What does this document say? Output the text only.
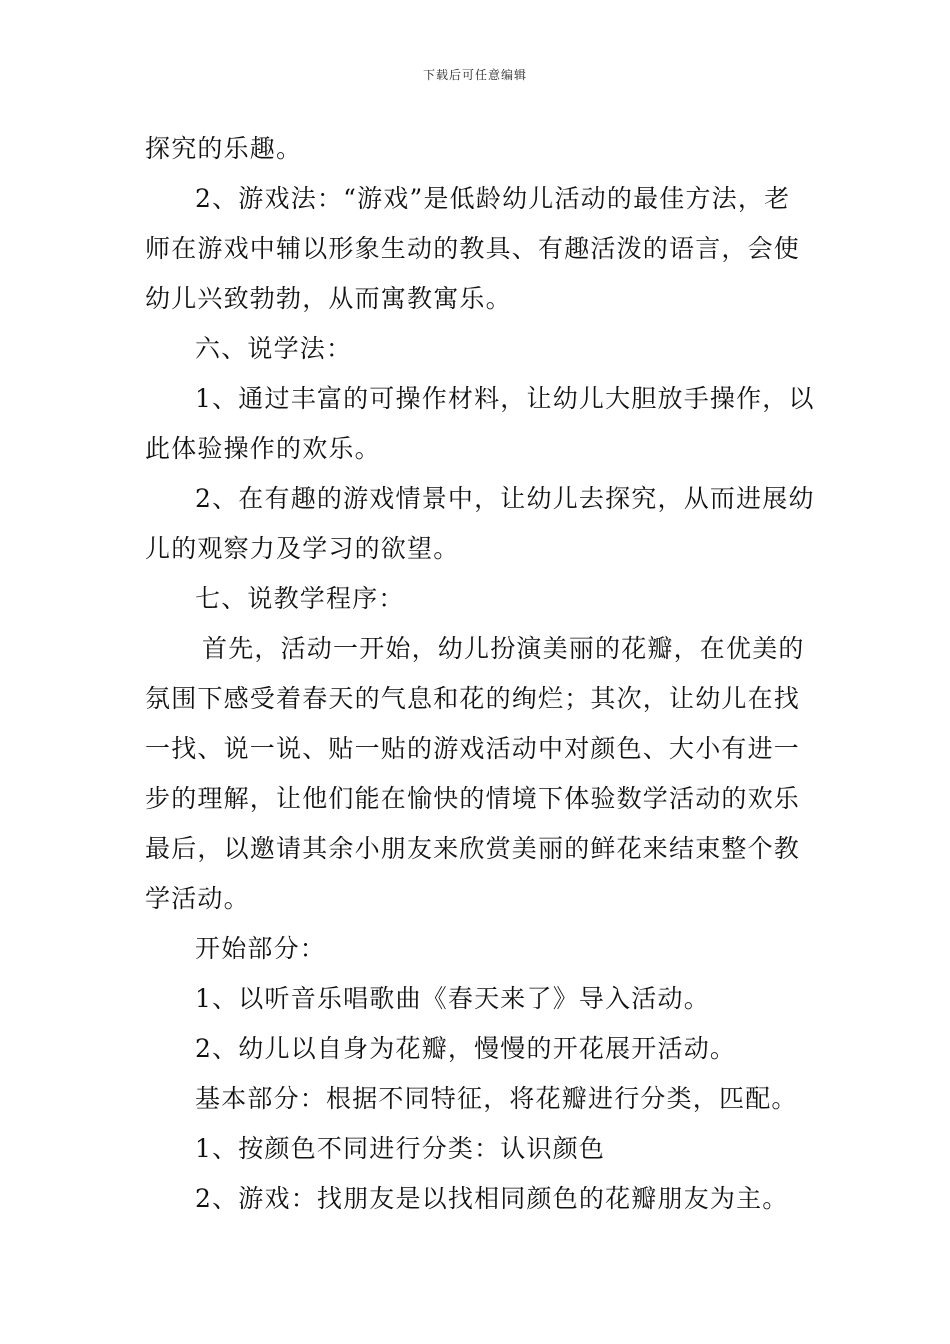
下载后可任意编辑
探究的乐趣。
2、游戏法：“游戏”是低龄幼儿活动的最佳方法，老
师在游戏中辅以形象生动的教具、有趣活泼的语言，会使
幼儿兴致勃勃，从而寓教寓乐。
六、说学法：
1、通过丰富的可操作材料，让幼儿大胆放手操作，以
此体验操作的欢乐。
2、在有趣的游戏情景中，让幼儿去探究，从而进展幼
儿的观察力及学习的欲望。
七、说教学程序：
首先，活动一开始，幼儿扮演美丽的花瓣，在优美的
氛围下感受着春天的气息和花的绚烂；其次，让幼儿在找
一找、说一说、贴一贴的游戏活动中对颜色、大小有进一
步的理解，让他们能在愉快的情境下体验数学活动的欢乐
最后，以邀请其余小朋友来欣赏美丽的鲜花来结束整个教
学活动。
开始部分：
1、以听音乐唱歌曲《春天来了》导入活动。
2、幼儿以自身为花瓣，慢慢的开花展开活动。
基本部分：根据不同特征，将花瓣进行分类，匹配。
1、按颜色不同进行分类：认识颜色
2、游戏：找朋友是以找相同颜色的花瓣朋友为主。
